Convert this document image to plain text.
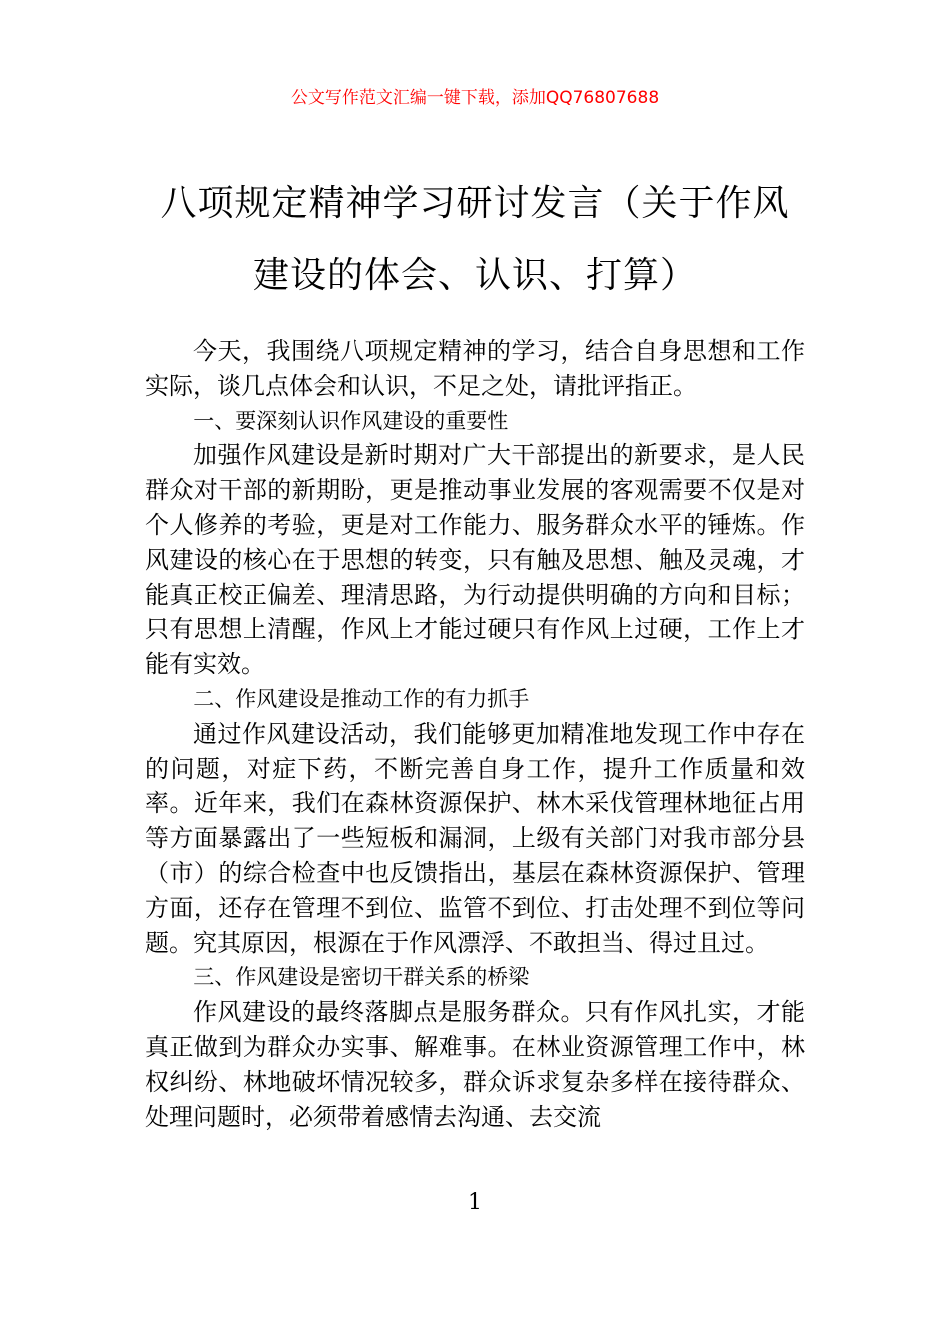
公文写作范文汇编一键下载，添加QQ76807688
八项规定精神学习研讨发言（关于作风建设的体会、认识、打算）

今天，我围绕八项规定精神的学习，结合自身思想和工作实际，谈几点体会和认识，不足之处，请批评指正。

一、要深刻认识作风建设的重要性

加强作风建设是新时期对广大干部提出的新要求，是人民群众对干部的新期盼，更是推动事业发展的客观需要不仅是对个人修养的考验，更是对工作能力、服务群众水平的锤炼。作风建设的核心在于思想的转变，只有触及思想、触及灵魂，才能真正校正偏差、理清思路，为行动提供明确的方向和目标；只有思想上清醒，作风上才能过硬只有作风上过硬，工作上才能有实效。

二、作风建设是推动工作的有力抓手

通过作风建设活动，我们能够更加精准地发现工作中存在的问题，对症下药，不断完善自身工作，提升工作质量和效率。近年来，我们在森林资源保护、林木采伐管理林地征占用等方面暴露出了一些短板和漏洞，上级有关部门对我市部分县（市）的综合检查中也反馈指出，基层在森林资源保护、管理方面，还存在管理不到位、监管不到位、打击处理不到位等问题。究其原因，根源在于作风漂浮、不敢担当、得过且过。

三、作风建设是密切干群关系的桥梁

作风建设的最终落脚点是服务群众。只有作风扎实，才能真正做到为群众办实事、解难事。在林业资源管理工作中，林权纠纷、林地破坏情况较多，群众诉求复杂多样在接待群众、处理问题时，必须带着感情去沟通、去交流

1
